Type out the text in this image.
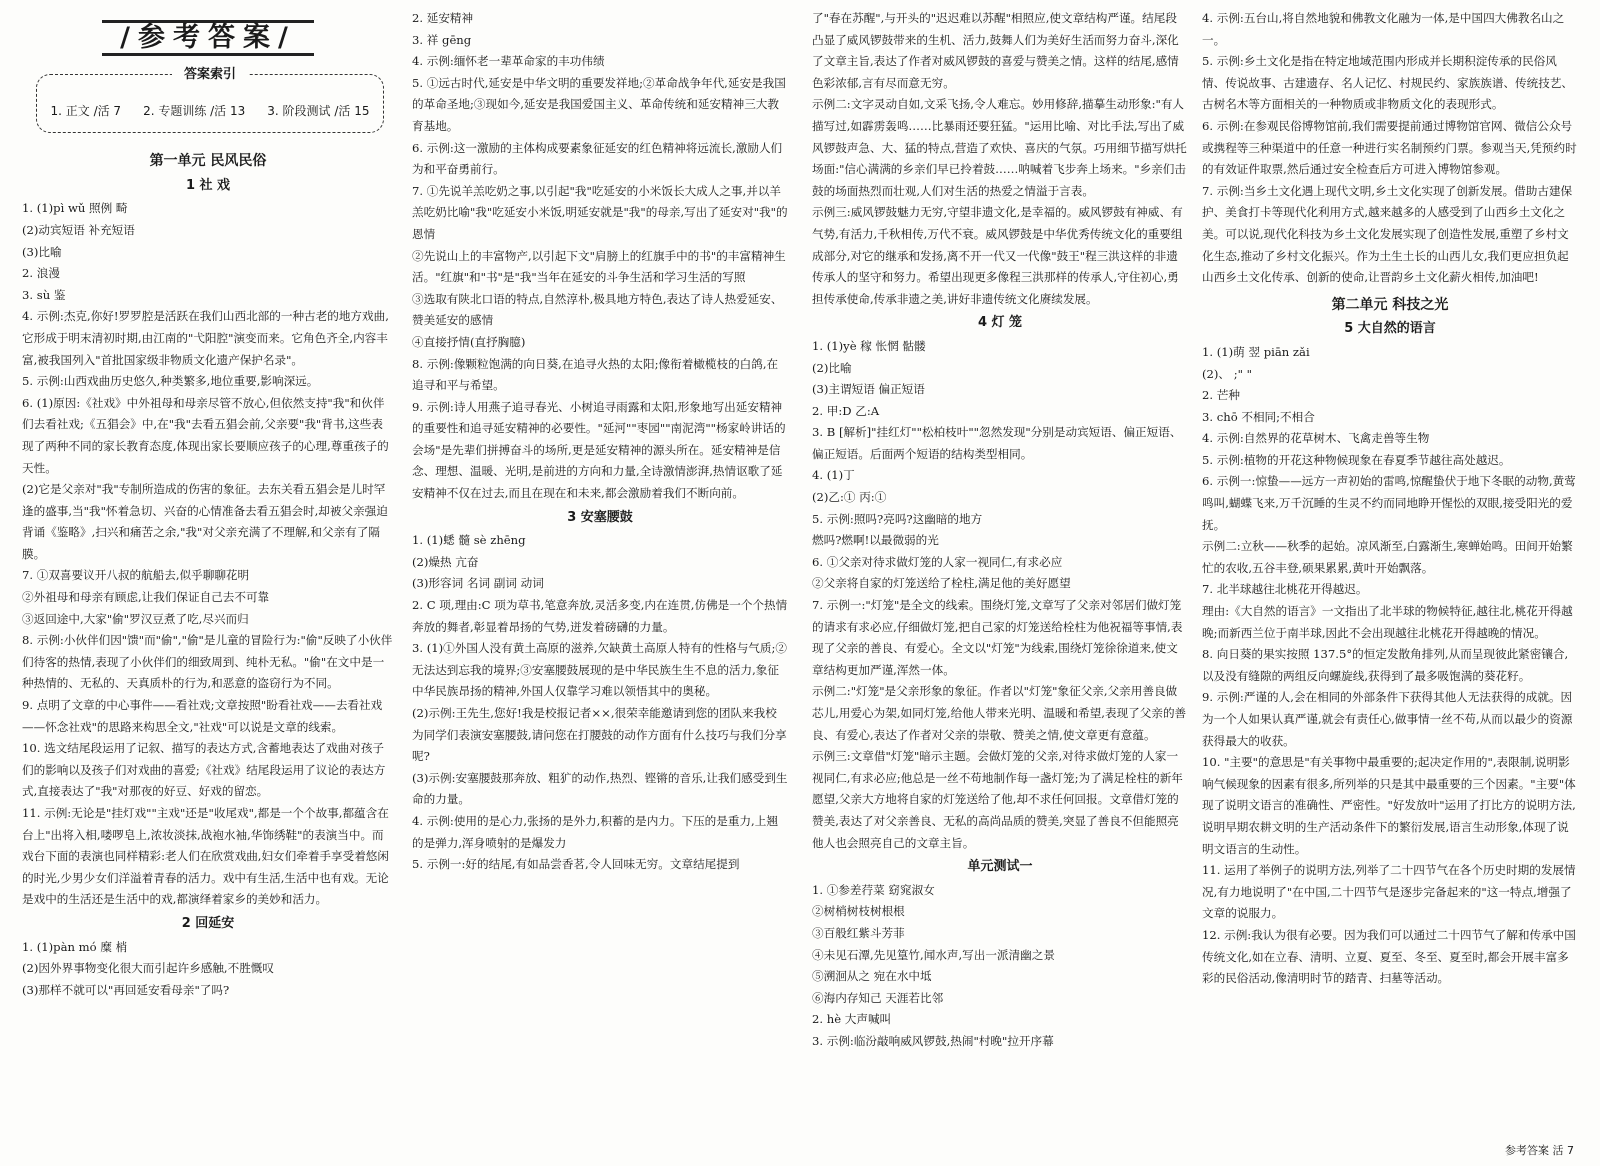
/参考答案/
答案索引
1. 正文 /活 7 2. 专题训练 /活 13 3. 阶段测试 /活 15
第一单元 民风民俗
1 社 戏
1. (1)pì wǔ 照例 畸
(2)动宾短语 补充短语
(3)比喻
2. 浪漫
3. sù 鉴
4. 示例:杰克,你好!罗罗腔是活跃在我们山西北部的一种古老的地方戏曲,它形成于明末清初时期,由江南的"弋阳腔"演变而来。它角色齐全,内容丰富,被我国列入"首批国家级非物质文化遗产保护名录"。
5. 示例:山西戏曲历史悠久,种类繁多,地位重要,影响深远。
6. (1)原因:《社戏》中外祖母和母亲尽管不放心,但依然支持"我"和伙伴们去看社戏;《五猖会》中,在"我"去看五猖会前,父亲要"我"背书,这些表现了两种不同的家长教育态度,体现出家长要顺应孩子的心理,尊重孩子的天性。
(2)它是父亲对"我"专制所造成的伤害的象征。去东关看五猖会是儿时罕逢的盛事,当"我"怀着急切、兴奋的心情准备去看五猖会时,却被父亲强迫背诵《鉴略》,扫兴和痛苦之余,"我"对父亲充满了不理解,和父亲有了隔膜。
7. ①双喜要议开八叔的航船去,似乎聊聊花明
②外祖母和母亲有顾虑,让我们保证自己去不可靠
③返回途中,大家"偷"罗汉豆煮了吃,尽兴而归
8. 示例:小伙伴们因"馈"而"偷","偷"是儿童的冒险行为:"偷"反映了小伙伴们待客的热情,表现了小伙伴们的细致周到、纯朴无私。"偷"在文中是一种热情的、无私的、天真质朴的行为,和恶意的盗窃行为不同。
9. 点明了文章的中心事件——看社戏;文章按照"盼看社戏——去看社戏——怀念社戏"的思路来构思全文,"社戏"可以说是文章的线索。
10. 选文结尾段运用了记叙、描写的表达方式,含蓄地表达了戏曲对孩子们的影响以及孩子们对戏曲的喜爱;《社戏》结尾段运用了议论的表达方式,直接表达了"我"对那夜的好豆、好戏的留恋。
11. 示例:无论是"挂灯戏""主戏"还是"收尾戏",都是一个个故事,都蕴含在台上"出将入相,喽啰皂上,浓妆淡抹,战袍水袖,华饰绣鞋"的表演当中。而戏台下面的表演也同样精彩:老人们在欣赏戏曲,妇女们牵着手享受着悠闲的时光,少男少女们洋溢着青春的活力。戏中有生活,生活中也有戏。无论是戏中的生活还是生活中的戏,都演绎着家乡的美妙和活力。
2 回延安
1. (1)pàn mó 糜 梢
(2)因外界事物变化很大而引起许乡感触,不胜慨叹
(3)那样不就可以"再回延安看母亲"了吗?
2. 延安精神
3. 祥 gēng
4. 示例:缅怀老一辈革命家的丰功伟绩
5. ①远古时代,延安是中华文明的重要发祥地;②革命战争年代,延安是我国的革命圣地;③现如今,延安是我国爱国主义、革命传统和延安精神三大教育基地。
6. 示例:这一激励的主体构成要素象征延安的红色精神将远流长,激励人们为和平奋勇前行。
7. ①先说羊羔吃奶之事,以引起"我"吃延安的小米饭长大成人之事,并以羊羔吃奶比喻"我"吃延安小米饭,明延安就是"我"的母亲,写出了延安对"我"的恩情
②先说山上的丰富物产,以引起下文"肩膀上的红旗手中的书"的丰富精神生活。"红旗"和"书"是"我"当年在延安的斗争生活和学习生活的写照
③选取有陕北口语的特点,自然淳朴,极具地方特色,表达了诗人热爱延安、赞美延安的感情
④直接抒情(直抒胸臆)
8. 示例:像颗粒饱满的向日葵,在追寻火热的太阳;像衔着橄榄枝的白鸽,在追寻和平与希望。
9. 示例:诗人用燕子追寻春光、小树追寻雨露和太阳,形象地写出延安精神的重要性和追寻延安精神的必要性。"延河""枣园""南泥湾""杨家岭讲话的会场"是先辈们拼搏奋斗的场所,更是延安精神的源头所在。延安精神是信念、理想、温暖、光明,是前进的方向和力量,全诗激情澎湃,热情讴歌了延安精神不仅在过去,而且在现在和未来,都会激励着我们不断向前。
3 安塞腰鼓
1. (1)蟋 髓 sè zhēng
(2)燥热 亢奋
(3)形容词 名词 副词 动词
2. C 项,理由:C 项为草书,笔意奔放,灵活多变,内在连贯,仿佛是一个个热情奔放的舞者,彰显着昂扬的气势,迸发着磅礴的力量。
3. (1)①外国人没有黄土高原的滋养,欠缺黄土高原人特有的性格与气质;②无法达到忘我的境界;③安塞腰鼓展现的是中华民族生生不息的活力,象征中华民族昂扬的精神,外国人仅靠学习难以领悟其中的奥秘。
(2)示例:王先生,您好!我是校报记者××,很荣幸能邀请到您的团队来我校为同学们表演安塞腰鼓,请问您在打腰鼓的动作方面有什么技巧与我们分享呢?
(3)示例:安塞腰鼓那奔放、粗犷的动作,热烈、铿锵的音乐,让我们感受到生命的力量。
4. 示例:使用的是心力,张扬的是外力,积蓄的是内力。下压的是重力,上翘的是弹力,浑身喷射的是爆发力
5. 示例一:好的结尾,有如品尝香茗,令人回味无穷。文章结尾提到
了"春在苏醒",与开头的"迟迟难以苏醒"相照应,使文章结构严谨。结尾段凸显了威风锣鼓带来的生机、活力,鼓舞人们为美好生活而努力奋斗,深化了文章主旨,表达了作者对威风锣鼓的喜爱与赞美之情。这样的结尾,感情色彩浓郁,言有尽而意无穷。
示例二:文字灵动自如,文采飞扬,令人难忘。妙用修辞,描摹生动形象:"有人描写过,如霹雳轰鸣……比暴雨还要狂猛。"运用比喻、对比手法,写出了威风锣鼓声急、大、猛的特点,营造了欢快、喜庆的气氛。巧用细节描写烘托场面:"信心满满的乡亲们早已拎着鼓……呐喊着飞步奔上场来。"乡亲们击鼓的场面热烈而壮观,人们对生活的热爱之情溢于言表。
示例三:威风锣鼓魅力无穷,守望非遗文化,是幸福的。威风锣鼓有神威、有气势,有活力,千秋相传,万代不衰。威风锣鼓是中华优秀传统文化的重要组成部分,对它的继承和发扬,离不开一代又一代像"鼓王"程三洪这样的非遗传承人的坚守和努力。希望出现更多像程三洪那样的传承人,守住初心,勇担传承使命,传承非遗之美,讲好非遗传统文化赓续发展。
4 灯 笼
1. (1)yè 稼 怅惘 骷髅
(2)比喻
(3)主谓短语 偏正短语
2. 甲:D 乙:A
3. B [解析]"挂红灯""松柏枝叶""忽然发现"分别是动宾短语、偏正短语、偏正短语。后面两个短语的结构类型相同。
4. (1)丁
(2)乙:① 丙:①
5. 示例:照吗?亮吗?这幽暗的地方
燃吗?燃啊!以最微弱的光
6. ①父亲对待求做灯笼的人家一视同仁,有求必应
②父亲将自家的灯笼送给了栓柱,满足他的美好愿望
7. 示例一:"灯笼"是全文的线索。围绕灯笼,文章写了父亲对邻居们做灯笼的请求有求必应,仔细做灯笼,把自己家的灯笼送给栓柱为他祝福等事情,表现了父亲的善良、有爱心。全文以"灯笼"为线索,围绕灯笼徐徐道来,使文章结构更加严谨,浑然一体。
示例二:"灯笼"是父亲形象的象征。作者以"灯笼"象征父亲,父亲用善良做芯儿,用爱心为架,如同灯笼,给他人带来光明、温暖和希望,表现了父亲的善良、有爱心,表达了作者对父亲的崇敬、赞美之情,使文章更有意蕴。
示例三:文章借"灯笼"暗示主题。会做灯笼的父亲,对待求做灯笼的人家一视同仁,有求必应;他总是一丝不苟地制作每一盏灯笼;为了满足栓柱的新年愿望,父亲大方地将自家的灯笼送给了他,却不求任何回报。文章借灯笼的赞美,表达了对父亲善良、无私的高尚品质的赞美,突显了善良不但能照亮他人也会照亮自己的文章主旨。
单元测试一
1. ①参差荇菜 窈窕淑女
②树梢树枝树根根
③百般红紫斗芳菲
④未见石潭,先见篁竹,闻水声,写出一派清幽之景
⑤溯洄从之 宛在水中坻
⑥海内存知己 天涯若比邻
2. hè 大声喊叫
3. 示例:临汾敲响威风锣鼓,热闹"村晚"拉开序幕
4. 示例:五台山,将自然地貌和佛教文化融为一体,是中国四大佛教名山之一。
5. 示例:乡土文化是指在特定地域范围内形成并长期积淀传承的民俗风情、传说故事、古建遗存、名人记忆、村规民约、家族族谱、传统技艺、古树名木等方面相关的一种物质或非物质文化的表现形式。
6. 示例:在参观民俗博物馆前,我们需要提前通过博物馆官网、微信公众号或携程等三种渠道中的任意一种进行实名制预约门票。参观当天,凭预约时的有效证件取票,然后通过安全检查后方可进入博物馆参观。
7. 示例:当乡土文化遇上现代文明,乡土文化实现了创新发展。借助古建保护、美食打卡等现代化利用方式,越来越多的人感受到了山西乡土文化之美。可以说,现代化科技为乡土文化发展实现了创造性发展,重塑了乡村文化生态,推动了乡村文化振兴。作为土生土长的山西儿女,我们更应担负起山西乡土文化传承、创新的使命,让晋韵乡土文化薪火相传,加油吧!
第二单元 科技之光
5 大自然的语言
1. (1)萌 翌 piān zǎi
(2)、 ;" "
2. 芒种
3. chō 不相同;不相合
4. 示例:自然界的花草树木、飞禽走兽等生物
5. 示例:植物的开花这种物候现象在春夏季节越往高处越迟。
6. 示例一:惊蛰——远方一声初始的雷鸣,惊醒蛰伏于地下冬眠的动物,黄莺鸣叫,蝴蝶飞来,万千沉睡的生灵不约而同地睁开惺忪的双眼,接受阳光的爱抚。
示例二:立秋——秋季的起始。凉风渐至,白露渐生,寒蝉始鸣。田间开始繁忙的农收,五谷丰登,硕果累累,黄叶开始飘落。
7. 北半球越往北桃花开得越迟。
理由:《大自然的语言》一文指出了北半球的物候特征,越往北,桃花开得越晚;而新西兰位于南半球,因此不会出现越往北桃花开得越晚的情况。
8. 向日葵的果实按照 137.5°的恒定发散角排列,从而呈现彼此紧密镶合,以及没有缝隙的两组反向螺旋线,获得到了最多吸饱满的葵花籽。
9. 示例:严谨的人,会在相同的外部条件下获得其他人无法获得的成就。因为一个人如果认真严谨,就会有责任心,做事情一丝不苟,从而以最少的资源获得最大的收获。
10. "主要"的意思是"有关事物中最重要的;起决定作用的",表限制,说明影响气候现象的因素有很多,所列举的只是其中最重要的三个因素。"主要"体现了说明文语言的准确性、严密性。"好发放叶"运用了打比方的说明方法,说明早期农耕文明的生产活动条件下的繁衍发展,语言生动形象,体现了说明文语言的生动性。
11. 运用了举例子的说明方法,列举了二十四节气在各个历史时期的发展情况,有力地说明了"在中国,二十四节气是逐步完备起来的"这一特点,增强了文章的说服力。
12. 示例:我认为很有必要。因为我们可以通过二十四节气了解和传承中国传统文化,如在立春、清明、立夏、夏至、冬至、夏至时,都会开展丰富多彩的民俗活动,像清明时节的踏青、扫墓等活动。
参考答案 活 7
